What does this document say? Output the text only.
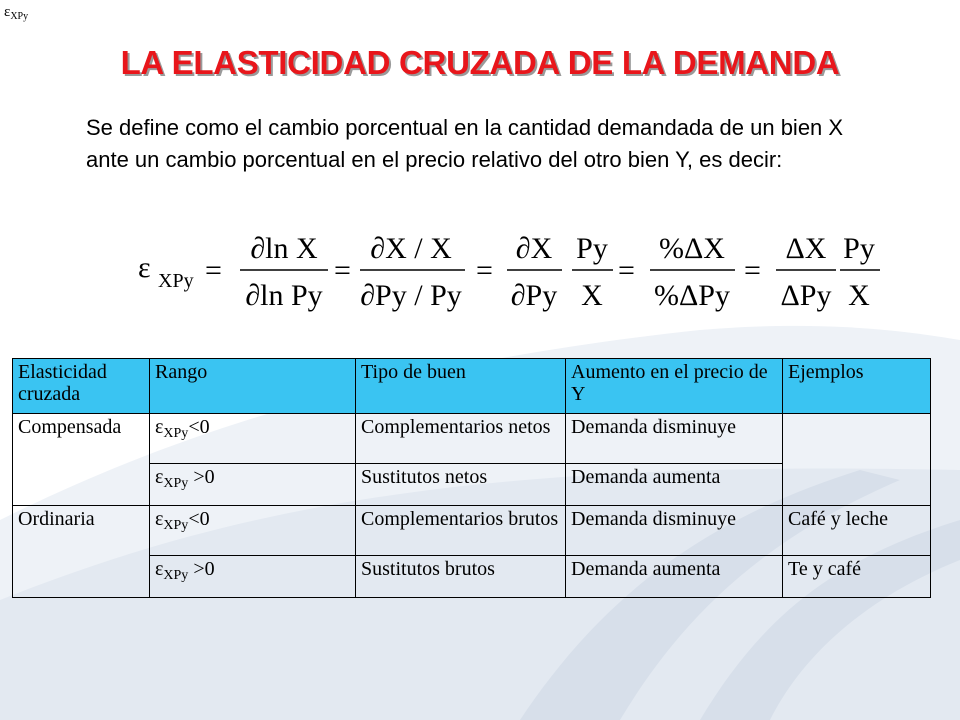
$\varepsilon_{XPy}$
LA ELASTICIDAD CRUZADA DE LA DEMANDA
Se define como el cambio porcentual en la cantidad demandada de un bien X ante un cambio porcentual en el precio relativo del otro bien Y, es decir:
ε XPy =
∂ln X
∂ln Py
=
∂X / X
∂Py / Py
=
∂X
∂Py
Py
X
=
%ΔX
%ΔPy
=
ΔX
ΔPy
Py
X
Elasticidad cruzada	Rango	Tipo de buen	Aumento en el precio de Y	Ejemplos
Compensada	$\varepsilon_{XPy}<0$	Complementarios netos	Demanda disminuye	
	$\varepsilon_{XPy} >0$	Sustitutos netos	Demanda aumenta	
Ordinaria	$\varepsilon_{XPy}<0$	Complementarios brutos	Demanda disminuye	Café y leche
	$\varepsilon_{XPy} >0$	Sustitutos brutos	Demanda aumenta	Te y café
